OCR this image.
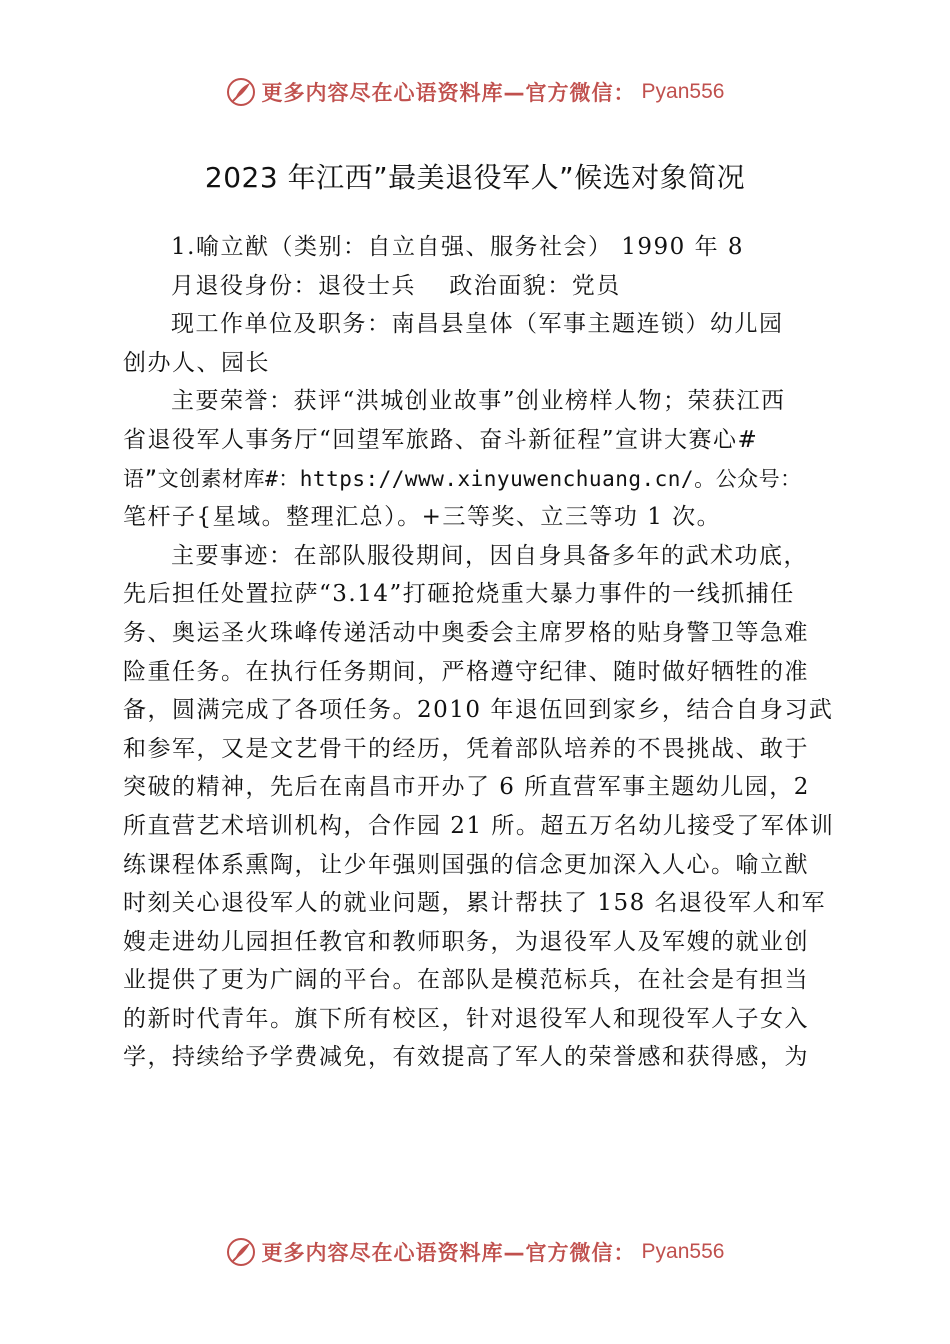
更多内容尽在心语资料库—官方微信： Pyan556
2023 年江西”最美退役军人”候选对象简况
1.喻立猷（类别：自立自强、服务社会） 1990 年 8
月退役身份：退役士兵　 政治面貌：党员
现工作单位及职务：南昌县皇体（军事主题连锁）幼儿园
创办人、园长
主要荣誉：获评“洪城创业故事”创业榜样人物；荣获江西
省退役军人事务厅“回望军旅路、奋斗新征程”宣讲大赛心#
语”文创素材库#：https://www.xinyuwenchuang.cn/。公众号：
笔杆子{星域。整理汇总）。+三等奖、立三等功 1 次。
主要事迹：在部队服役期间，因自身具备多年的武术功底，
先后担任处置拉萨“3.14”打砸抢烧重大暴力事件的一线抓捕任
务、奥运圣火珠峰传递活动中奥委会主席罗格的贴身警卫等急难
险重任务。在执行任务期间，严格遵守纪律、随时做好牺牲的准
备，圆满完成了各项任务。2010 年退伍回到家乡，结合自身习武
和参军，又是文艺骨干的经历，凭着部队培养的不畏挑战、敢于
突破的精神，先后在南昌市开办了 6 所直营军事主题幼儿园，2
所直营艺术培训机构，合作园 21 所。超五万名幼儿接受了军体训
练课程体系熏陶，让少年强则国强的信念更加深入人心。喻立猷
时刻关心退役军人的就业问题，累计帮扶了 158 名退役军人和军
嫂走进幼儿园担任教官和教师职务，为退役军人及军嫂的就业创
业提供了更为广阔的平台。在部队是模范标兵，在社会是有担当
的新时代青年。旗下所有校区，针对退役军人和现役军人子女入
学，持续给予学费减免，有效提高了军人的荣誉感和获得感，为
更多内容尽在心语资料库—官方微信： Pyan556
